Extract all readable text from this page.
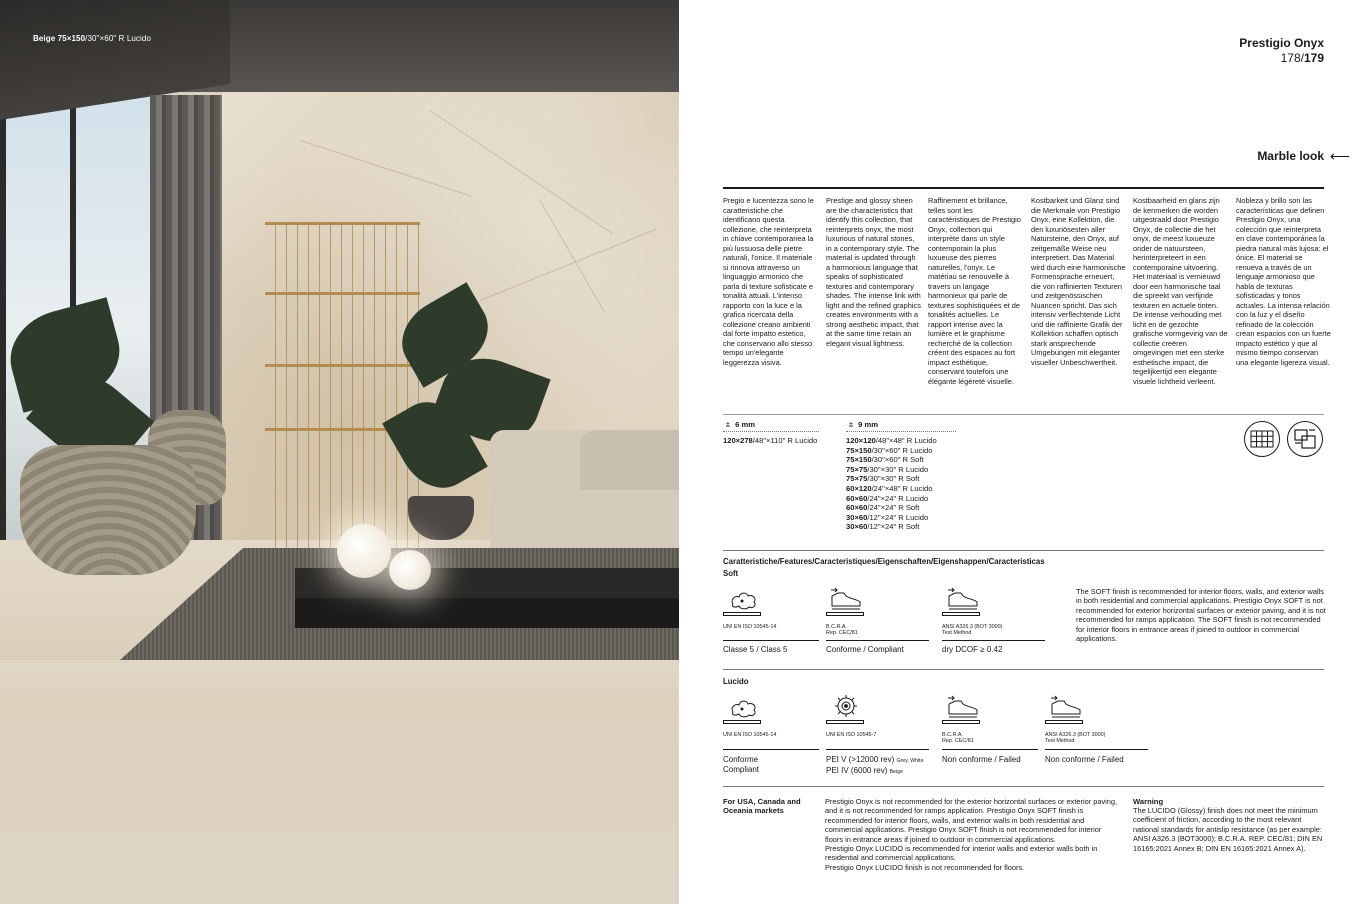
Beige 75×150/30"×60" R Lucido	Prestigio Onyx
178/179
Marble look ⟵
Pregio e lucentezza sono le caratteristiche che identificano questa collezione, che reinterpreta in chiave contemporanea la più lussuosa delle pietre naturali, l'onice. Il materiale si rinnova attraverso un linguaggio armonico che parla di texture sofisticate e tonalità attuali. L'intenso rapporto con la luce e la grafica ricercata della collezione creano ambienti dal forte impatto estetico, che conservano allo stesso tempo un'elegante leggerezza visiva.
Prestige and glossy sheen are the characteristics that identify this collection, that reinterprets onyx, the most luxurious of natural stones, in a contemporary style. The material is updated through a harmonious language that speaks of sophisticated textures and contemporary shades. The intense link with light and the refined graphics creates environments with a strong aesthetic impact, that at the same time retain an elegant visual lightness.
Raffinement et brillance, telles sont les caractéristiques de Prestigio Onyx, collection qui interprète dans un style contemporain la plus luxueuse des pierres naturelles, l'onyx. Le matériau se renouvelle à travers un langage harmonieux qui parle de textures sophistiquées et de tonalités actuelles. Le rapport intense avec la lumière et le graphisme recherché de la collection créent des espaces au fort impact esthétique, conservant toutefois une élégante légèreté visuelle.
Kostbarkeit und Glanz sind die Merkmale von Prestigio Onyx, eine Kollektion, die den luxuriösesten aller Natursteine, den Onyx, auf zeitgemäße Weise neu interpretiert. Das Material wird durch eine harmonische Formensprache erneuert, die von raffinierten Texturen und zeitgenössischen Nuancen spricht. Das sich intensiv verflechtende Licht und die raffinierte Grafik der Kollektion schaffen optisch stark ansprechende Umgebungen mit eleganter visueller Unbeschwertheit.
Kostbaarheid en glans zijn de kenmerken die worden uitgestraald door Prestigio Onyx, de collectie die het onyx, de meest luxueuze onder de natuursteen, herinterpreteert in een contemporaine uitvoering. Het materiaal is vernieuwd door een harmonische taal die spreekt van verfijnde texturen en actuele tinten. De intense verhouding met licht en de gezochte grafische vormgeving van de collectie creëren omgevingen met een sterke esthetische impact, die tegelijkertijd een elegante visuele lichtheid verleent.
Nobleza y brillo son las características que definen Prestigio Onyx, una colección que reinterpreta en clave contemporánea la piedra natural más lujosa: el ónice. El material se renueva a través de un lenguaje armonioso que habla de texturas sofisticadas y tonos actuales. La intensa relación con la luz y el diseño refinado de la colección crean espacios con un fuerte impacto estético y que al mismo tiempo conservan una elegante ligereza visual.
⩲ 6 mm
120×278/48"×110" R Lucido
⩲ 9 mm
120×120/48"×48" R Lucido
75×150/30"×60" R Lucido
75×150/30"×60" R Soft
75×75/30"×30" R Lucido
75×75/30"×30" R Soft
60×120/24"×48" R Lucido
60×60/24"×24" R Lucido
60×60/24"×24" R Soft
30×60/12"×24" R Lucido
30×60/12"×24" R Soft
Caratteristiche/Features/Caracteristiques/Eigenschaften/Eigenshappen/Caracteristicas
Soft
UNI EN ISO 10545-14
Classe 5 / Class 5
B.C.R.A.
Rep. CEC/81
Conforme / Compliant
ANSI A326.3 (BOT 3000)
Test Method
dry DCOF ≥ 0.42
The SOFT finish is recommended for interior floors, walls, and exterior walls in both residential and commercial applications. Prestigio Onyx SOFT is not recommended for exterior horizontal surfaces or exterior paving, and it is not recommended for ramps application. The SOFT finish is not recommended for interior floors in entrance areas if joined to outdoor in commercial applications.
Lucido
UNI EN ISO 10545-14
Conforme
Compliant
UNI EN ISO 10545-7
PEI V (>12000 rev) Grey, White
PEI IV (6000 rev) Beige
B.C.R.A.
Rep. CEC/81
Non conforme / Failed
ANSI A326.3 (BOT 3000)
Test Method
Non conforme / Failed
For USA, Canada and Oceania markets
Prestigio Onyx is not recommended for the exterior horizontal surfaces or exterior paving, and it is not recommended for ramps application. Prestigio Onyx SOFT finish is recommended for interior floors, walls, and exterior walls in both residential and commercial applications. Prestigio Onyx SOFT finish is not recommended for interior floors in entrance areas if joined to outdoor in commercial applications.
Prestigio Onyx LUCIDO is recommended for interior walls and exterior walls both in residential and commercial applications.
Prestigio Onyx LUCIDO finish is not recommended for floors.
Warning
The LUCIDO (Glossy) finish does not meet the minimum coefficient of friction, according to the most relevant national standards for antislip resistance (as per example: ANSI A326.3 (BOT3000); B.C.R.A. REP. CEC/81; DIN EN 16165:2021 Annex B; DIN EN 16165:2021 Annex A).
